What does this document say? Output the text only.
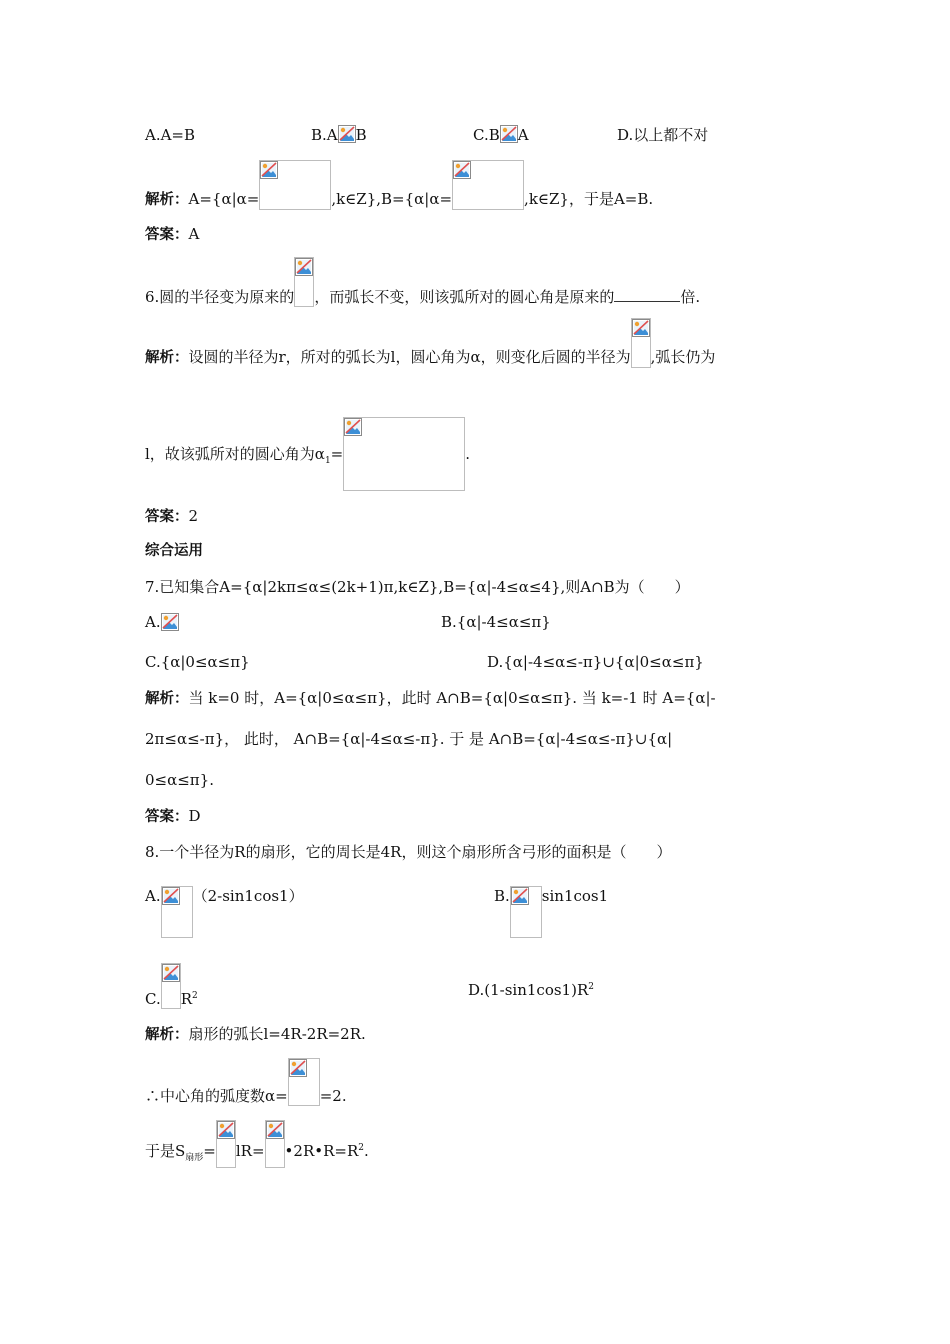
A.A=B	B.A B	C.B A	D.以上都不对
解析：A={α|α=	,k∈Z},B={α|α=	,k∈Z}，于是A=B.
答案：A
6.圆的半径变为原来的 ，而弧长不变，则该弧所对的圆心角是原来的	倍.
解析：设圆的半径为r，所对的弧长为l，圆心角为α，则变化后圆的半径为 ,弧长仍为
l，故该弧所对的圆心角为$\alpha_1=$	.
答案：2
综合运用
7.已知集合A={α|2kπ≤α≤(2k+1)π,k∈Z},B={α|-4≤α≤4},则A∩B为（　　）
A.	B.{α|-4≤α≤π}
C.{α|0≤α≤π}	D.{α|-4≤α≤-π}∪{α|0≤α≤π}
解析：当 k=0 时，A={α|0≤α≤π}，此时 A∩B={α|0≤α≤π}. 当 k=-1 时 A={α|-
2π≤α≤-π}， 此时， A∩B={α|-4≤α≤-π}. 于 是 A∩B={α|-4≤α≤-π}∪{α|
0≤α≤π}.
答案：D
8.一个半径为R的扇形，它的周长是4R，则这个扇形所含弓形的面积是（　　）
A. （2-sin1cos1）	B. sin1cos1
C. $R^2$	$D.(1-\sin 1\cos 1)R^2$
解析：扇形的弧长l=4R-2R=2R.
∴中心角的弧度数α= =2.
于是$S_{扇形}= lR=$ $•2R•R=R^2$.
